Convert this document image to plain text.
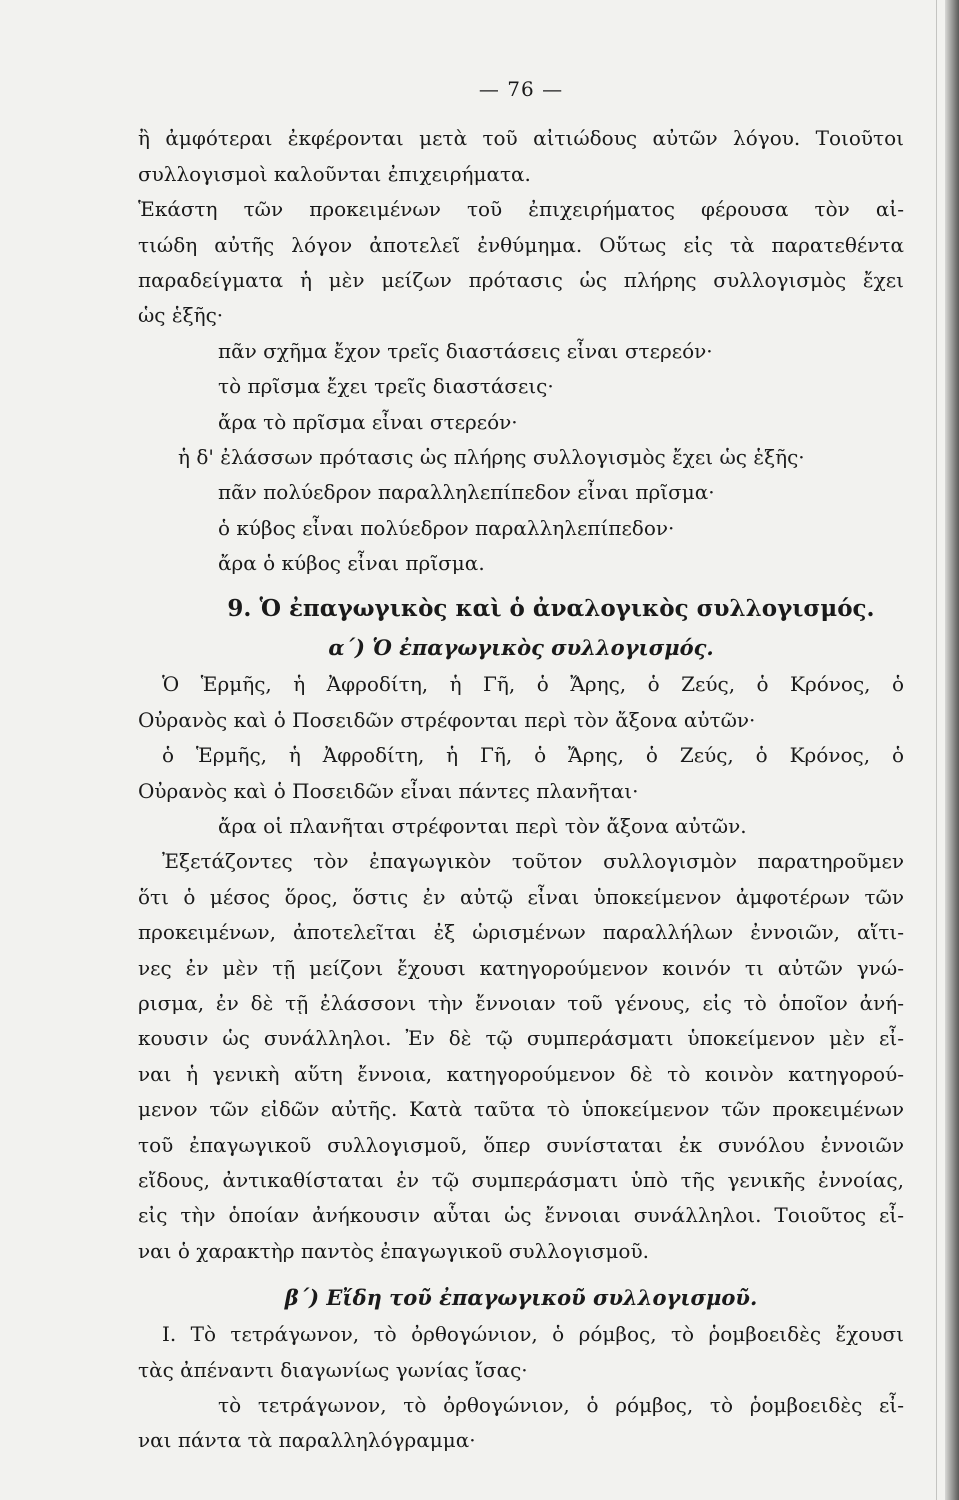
— 76 —
ἢ ἀμφότεραι ἐκφέρονται μετὰ τοῦ αἰτιώδους αὐτῶν λόγου. Τοιοῦτοι
συλλογισμοὶ καλοῦνται ἐπιχειρήματα.
Ἑκάστη τῶν προκειμένων τοῦ ἐπιχειρήματος φέρουσα τὸν αἰ-
τιώδη αὐτῆς λόγον ἀποτελεῖ ἐνθύμημα. Οὕτως εἰς τὰ παρατεθέντα
παραδείγματα ἡ μὲν μείζων πρότασις ὡς πλήρης συλλογισμὸς ἔχει
ὡς ἑξῆς·
πᾶν σχῆμα ἔχον τρεῖς διαστάσεις εἶναι στερεόν·
τὸ πρῖσμα ἔχει τρεῖς διαστάσεις·
ἄρα τὸ πρῖσμα εἶναι στερεόν·
ἡ δ' ἐλάσσων πρότασις ὡς πλήρης συλλογισμὸς ἔχει ὡς ἑξῆς·
πᾶν πολύεδρον παραλληλεπίπεδον εἶναι πρῖσμα·
ὁ κύβος εἶναι πολύεδρον παραλληλεπίπεδον·
ἄρα ὁ κύβος εἶναι πρῖσμα.
9. Ὁ ἐπαγωγικὸς καὶ ὁ ἀναλογικὸς συλλογισμός.
α΄) Ὁ ἐπαγωγικὸς συλλογισμός.
Ὁ Ἑρμῆς, ἡ Ἀφροδίτη, ἡ Γῆ, ὁ Ἄρης, ὁ Ζεύς, ὁ Κρόνος, ὁ
Οὐρανὸς καὶ ὁ Ποσειδῶν στρέφονται περὶ τὸν ἄξονα αὐτῶν·
ὁ Ἑρμῆς, ἡ Ἀφροδίτη, ἡ Γῆ, ὁ Ἄρης, ὁ Ζεύς, ὁ Κρόνος, ὁ
Οὐρανὸς καὶ ὁ Ποσειδῶν εἶναι πάντες πλανῆται·
ἄρα οἱ πλανῆται στρέφονται περὶ τὸν ἄξονα αὐτῶν.
Ἐξετάζοντες τὸν ἐπαγωγικὸν τοῦτον συλλογισμὸν παρατηροῦμεν
ὅτι ὁ μέσος ὅρος, ὅστις ἐν αὐτῷ εἶναι ὑποκείμενον ἀμφοτέρων τῶν
προκειμένων, ἀποτελεῖται ἐξ ὡρισμένων παραλλήλων ἐννοιῶν, αἵτι-
νες ἐν μὲν τῇ μείζονι ἔχουσι κατηγορούμενον κοινόν τι αὐτῶν γνώ-
ρισμα, ἐν δὲ τῇ ἐλάσσονι τὴν ἔννοιαν τοῦ γένους, εἰς τὸ ὁποῖον ἀνή-
κουσιν ὡς συνάλληλοι. Ἐν δὲ τῷ συμπεράσματι ὑποκείμενον μὲν εἶ-
ναι ἡ γενικὴ αὕτη ἔννοια, κατηγορούμενον δὲ τὸ κοινὸν κατηγορού-
μενον τῶν εἰδῶν αὐτῆς. Κατὰ ταῦτα τὸ ὑποκείμενον τῶν προκειμένων
τοῦ ἐπαγωγικοῦ συλλογισμοῦ, ὅπερ συνίσταται ἐκ συνόλου ἐννοιῶν
εἴδους, ἀντικαθίσταται ἐν τῷ συμπεράσματι ὑπὸ τῆς γενικῆς ἐννοίας,
εἰς τὴν ὁποίαν ἀνήκουσιν αὗται ὡς ἔννοιαι συνάλληλοι. Τοιοῦτος εἶ-
ναι ὁ χαρακτὴρ παντὸς ἐπαγωγικοῦ συλλογισμοῦ.
β΄) Εἴδη τοῦ ἐπαγωγικοῦ συλλογισμοῦ.
I. Τὸ τετράγωνον, τὸ ὀρθογώνιον, ὁ ρόμβος, τὸ ῥομβοειδὲς ἔχουσι
τὰς ἀπέναντι διαγωνίως γωνίας ἴσας·
τὸ τετράγωνον, τὸ ὀρθογώνιον, ὁ ρόμβος, τὸ ῥομβοειδὲς εἶ-
ναι πάντα τὰ παραλληλόγραμμα·
